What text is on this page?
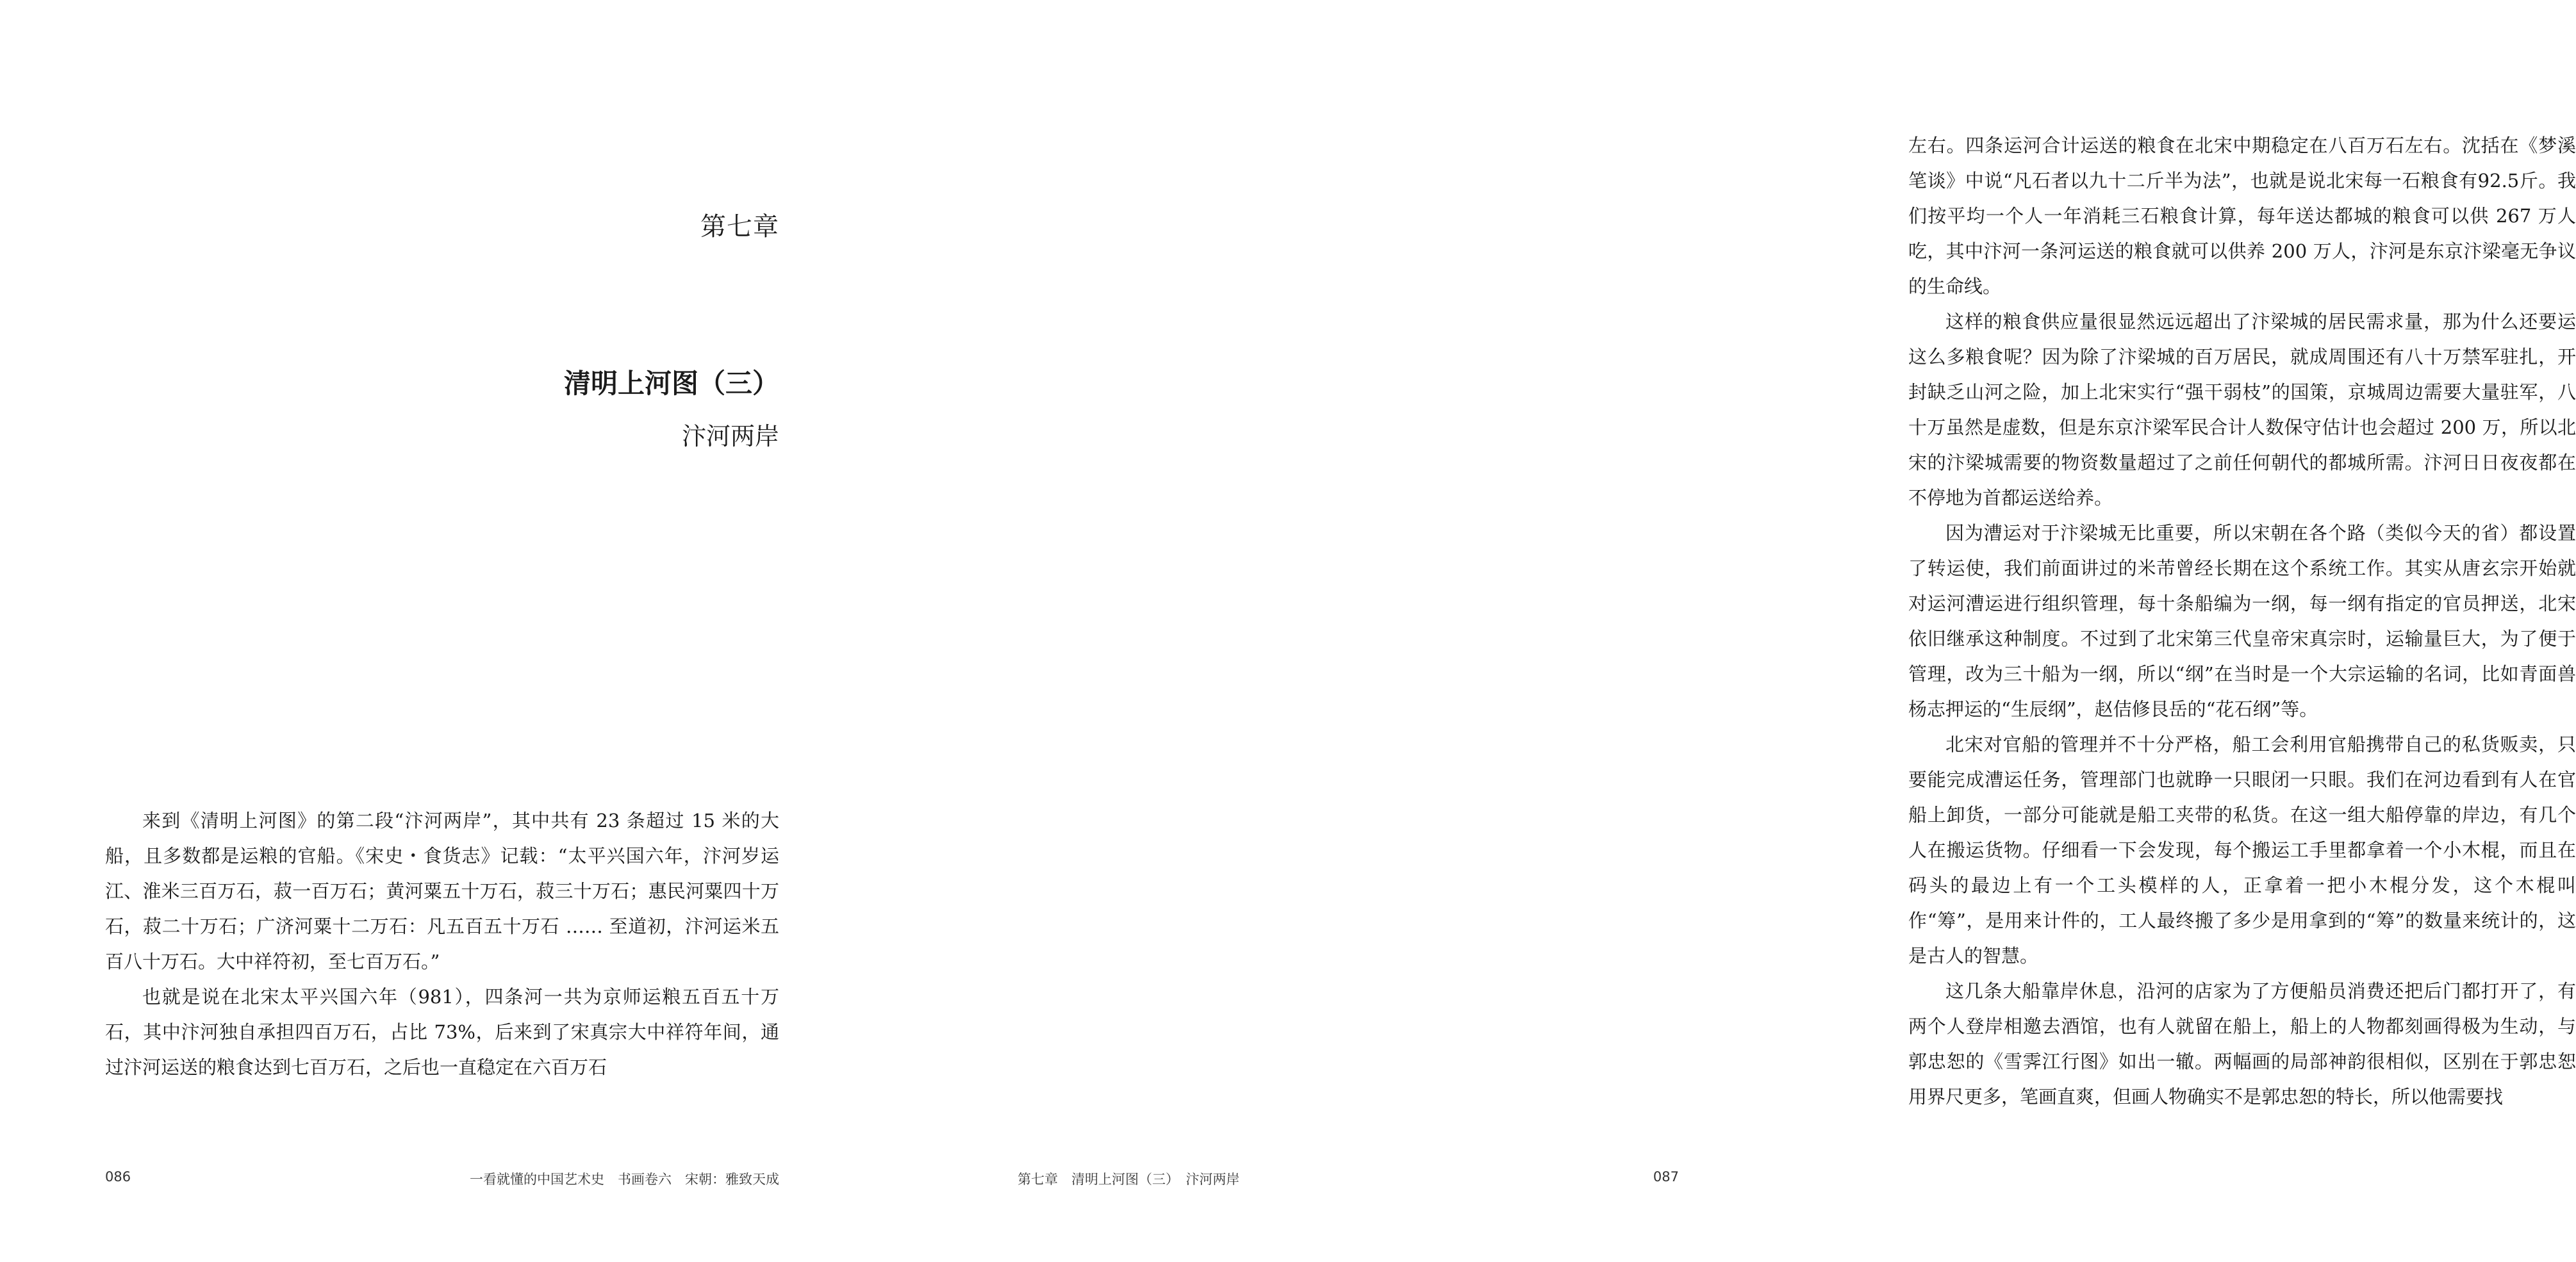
第七章
清明上河图（三）
汴河两岸

来到《清明上河图》的第二段“汴河两岸”，其中共有 23 条超过 15 米的大船，且多数都是运粮的官船。《宋史・食货志》记载：“太平兴国六年，汴河岁运江、淮米三百万石，菽一百万石；黄河粟五十万石，菽三十万石；惠民河粟四十万石，菽二十万石；广济河粟十二万石：凡五百五十万石 …… 至道初，汴河运米五百八十万石。大中祥符初，至七百万石。”

也就是说在北宋太平兴国六年（981），四条河一共为京师运粮五百五十万石，其中汴河独自承担四百万石，占比 73%，后来到了宋真宗大中祥符年间，通过汴河运送的粮食达到七百万石，之后也一直稳定在六百万石

086	一看就懂的中国艺术史　书画卷六　宋朝：雅致天成

左右。四条运河合计运送的粮食在北宋中期稳定在八百万石左右。沈括在《梦溪笔谈》中说“凡石者以九十二斤半为法”，也就是说北宋每一石粮食有92.5斤。我们按平均一个人一年消耗三石粮食计算，每年送达都城的粮食可以供 267 万人吃，其中汴河一条河运送的粮食就可以供养 200 万人，汴河是东京汴梁毫无争议的生命线。

这样的粮食供应量很显然远远超出了汴梁城的居民需求量，那为什么还要运这么多粮食呢？因为除了汴梁城的百万居民，就成周围还有八十万禁军驻扎，开封缺乏山河之险，加上北宋实行“强干弱枝”的国策，京城周边需要大量驻军，八十万虽然是虚数，但是东京汴梁军民合计人数保守估计也会超过 200 万，所以北宋的汴梁城需要的物资数量超过了之前任何朝代的都城所需。汴河日日夜夜都在不停地为首都运送给养。

因为漕运对于汴梁城无比重要，所以宋朝在各个路（类似今天的省）都设置了转运使，我们前面讲过的米芾曾经长期在这个系统工作。其实从唐玄宗开始就对运河漕运进行组织管理，每十条船编为一纲，每一纲有指定的官员押送，北宋依旧继承这种制度。不过到了北宋第三代皇帝宋真宗时，运输量巨大，为了便于管理，改为三十船为一纲，所以“纲”在当时是一个大宗运输的名词，比如青面兽杨志押运的“生辰纲”，赵佶修艮岳的“花石纲”等。

北宋对官船的管理并不十分严格，船工会利用官船携带自己的私货贩卖，只要能完成漕运任务，管理部门也就睁一只眼闭一只眼。我们在河边看到有人在官船上卸货，一部分可能就是船工夹带的私货。在这一组大船停靠的岸边，有几个人在搬运货物。仔细看一下会发现，每个搬运工手里都拿着一个小木棍，而且在码头的最边上有一个工头模样的人，正拿着一把小木棍分发，这个木棍叫作“筹”，是用来计件的，工人最终搬了多少是用拿到的“筹”的数量来统计的，这是古人的智慧。

这几条大船靠岸休息，沿河的店家为了方便船员消费还把后门都打开了，有两个人登岸相邀去酒馆，也有人就留在船上，船上的人物都刻画得极为生动，与郭忠恕的《雪霁江行图》如出一辙。两幅画的局部神韵很相似，区别在于郭忠恕用界尺更多，笔画直爽，但画人物确实不是郭忠恕的特长，所以他需要找

第七章　清明上河图（三）　汴河两岸	087
